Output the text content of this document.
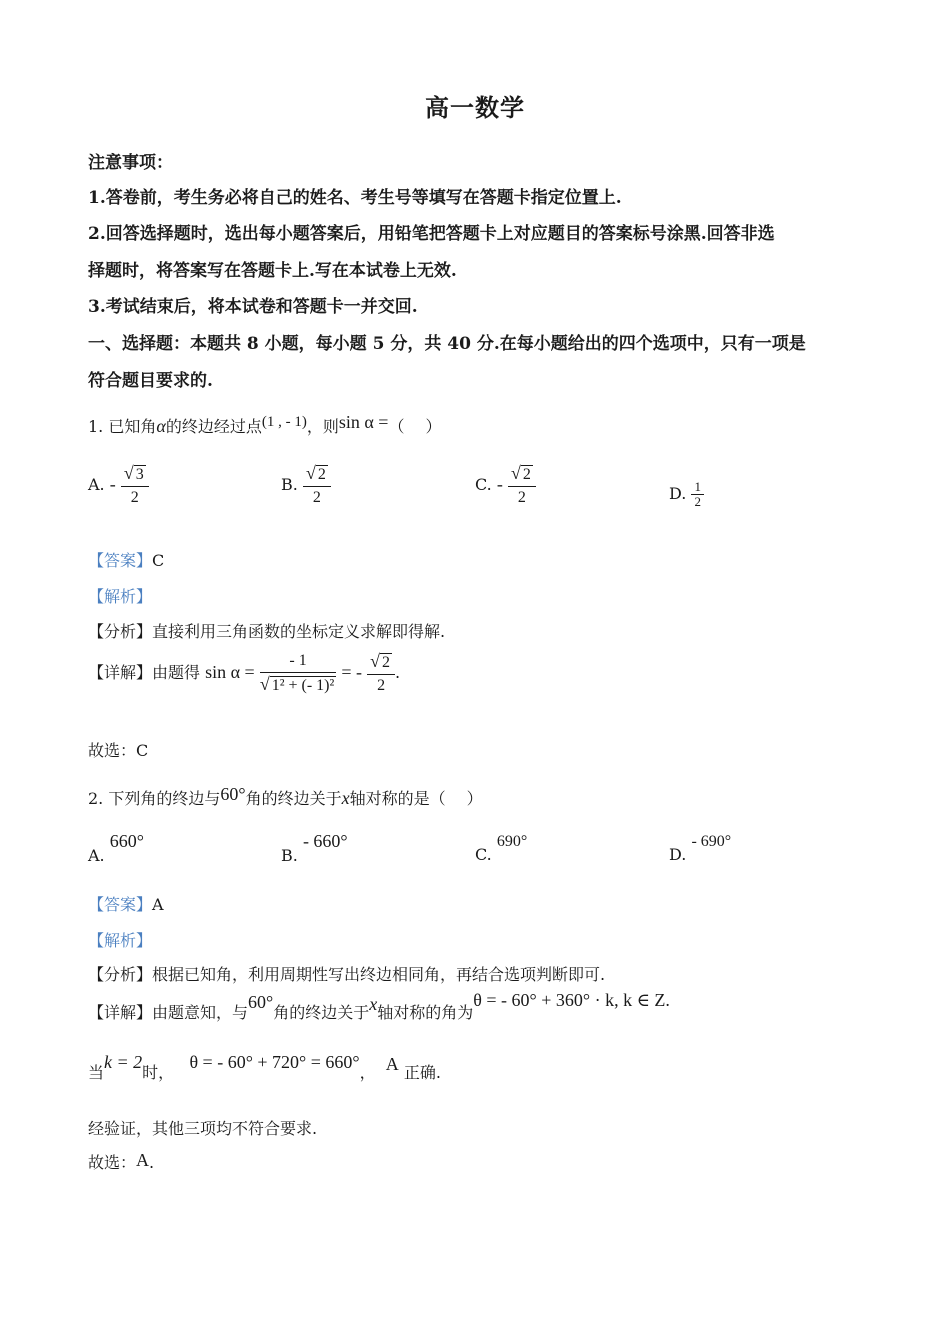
高一数学
注意事项：
1.答卷前，考生务必将自己的姓名、考生号等填写在答题卡指定位置上.
2.回答选择题时，选出每小题答案后，用铅笔把答题卡上对应题目的答案标号涂黑.回答非选
择题时，将答案写在答题卡上.写在本试卷上无效.
3.考试结束后，将本试卷和答题卡一并交回.
一、选择题：本题共 8 小题，每小题 5 分，共 40 分.在每小题给出的四个选项中，只有一项是
符合题目要求的.
1. 已知角α的终边经过点(1 , - 1)，则sin α =（　 ）
A. - $\frac{√ 3}{2}$	B. $\frac{√ 2}{2}$	C. - $\frac{√ 2}{2}$	D. $\frac{1}{2}$
【答案】C
【解析】
【分析】直接利用三角函数的坐标定义求解即得解.
【详解】由题得 $\sin \alpha = \frac{- 1}{\text{√ 1² + (- 1)²}}$ = - $\frac{√ 2}{2}$ .
故选：C
2. 下列角的终边与60°角的终边关于x轴对称的是（　 ）
A. 660°
B. - 660°
C. 690°
D. - 690°
【答案】A
【解析】
【分析】根据已知角，利用周期性写出终边相同角，再结合选项判断即可.
【详解】由题意知，与60°角的终边关于x轴对称的角为θ = - 60° + 360° · k, k ∈ Z.
当k = 2时，   θ = - 60° + 720° = 660°， A 正确.
经验证，其他三项均不符合要求.
故选：A.
